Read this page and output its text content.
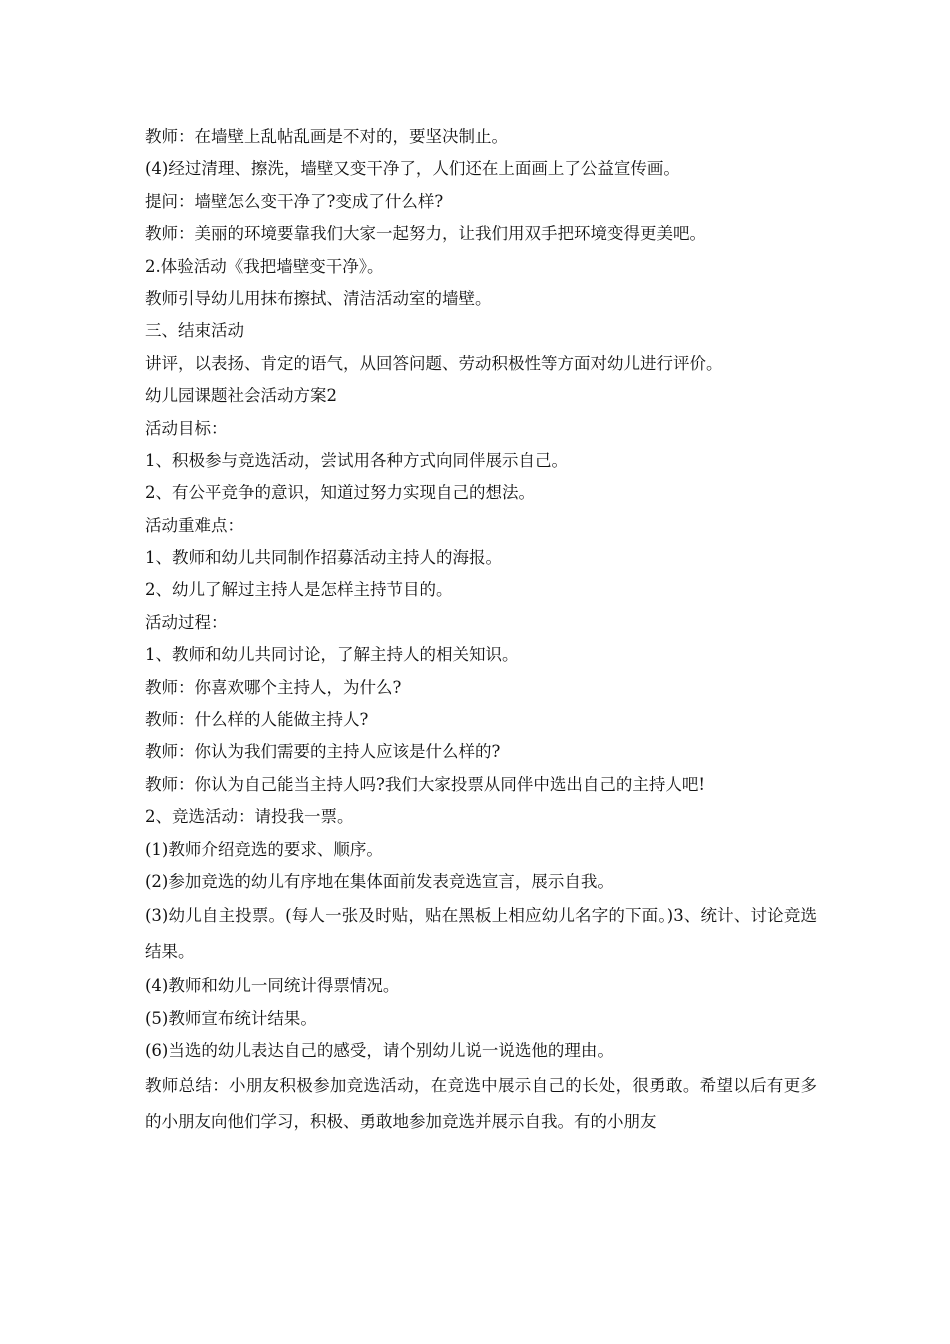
教师：在墙壁上乱帖乱画是不对的，要坚决制止。

(4)经过清理、擦洗，墙壁又变干净了，人们还在上面画上了公益宣传画。

提问：墙壁怎么变干净了?变成了什么样?

教师：美丽的环境要靠我们大家一起努力，让我们用双手把环境变得更美吧。

2.体验活动《我把墙壁变干净》。

教师引导幼儿用抹布擦拭、清洁活动室的墙壁。

三、结束活动

讲评，以表扬、肯定的语气，从回答问题、劳动积极性等方面对幼儿进行评价。

幼儿园课题社会活动方案2

活动目标：

1、积极参与竞选活动，尝试用各种方式向同伴展示自己。

2、有公平竞争的意识，知道过努力实现自己的想法。

活动重难点：

1、教师和幼儿共同制作招募活动主持人的海报。

2、幼儿了解过主持人是怎样主持节目的。

活动过程：

1、教师和幼儿共同讨论，了解主持人的相关知识。

教师：你喜欢哪个主持人，为什么?

教师：什么样的人能做主持人?

教师：你认为我们需要的主持人应该是什么样的?

教师：你认为自己能当主持人吗?我们大家投票从同伴中选出自己的主持人吧!

2、竞选活动：请投我一票。

(1)教师介绍竞选的要求、顺序。

(2)参加竞选的幼儿有序地在集体面前发表竞选宣言，展示自我。

(3)幼儿自主投票。(每人一张及时贴，贴在黑板上相应幼儿名字的下面。)3、统计、讨论竞选结果。

(4)教师和幼儿一同统计得票情况。

(5)教师宣布统计结果。

(6)当选的幼儿表达自己的感受，请个别幼儿说一说选他的理由。

教师总结：小朋友积极参加竞选活动，在竞选中展示自己的长处，很勇敢。希望以后有更多的小朋友向他们学习，积极、勇敢地参加竞选并展示自我。有的小朋友
